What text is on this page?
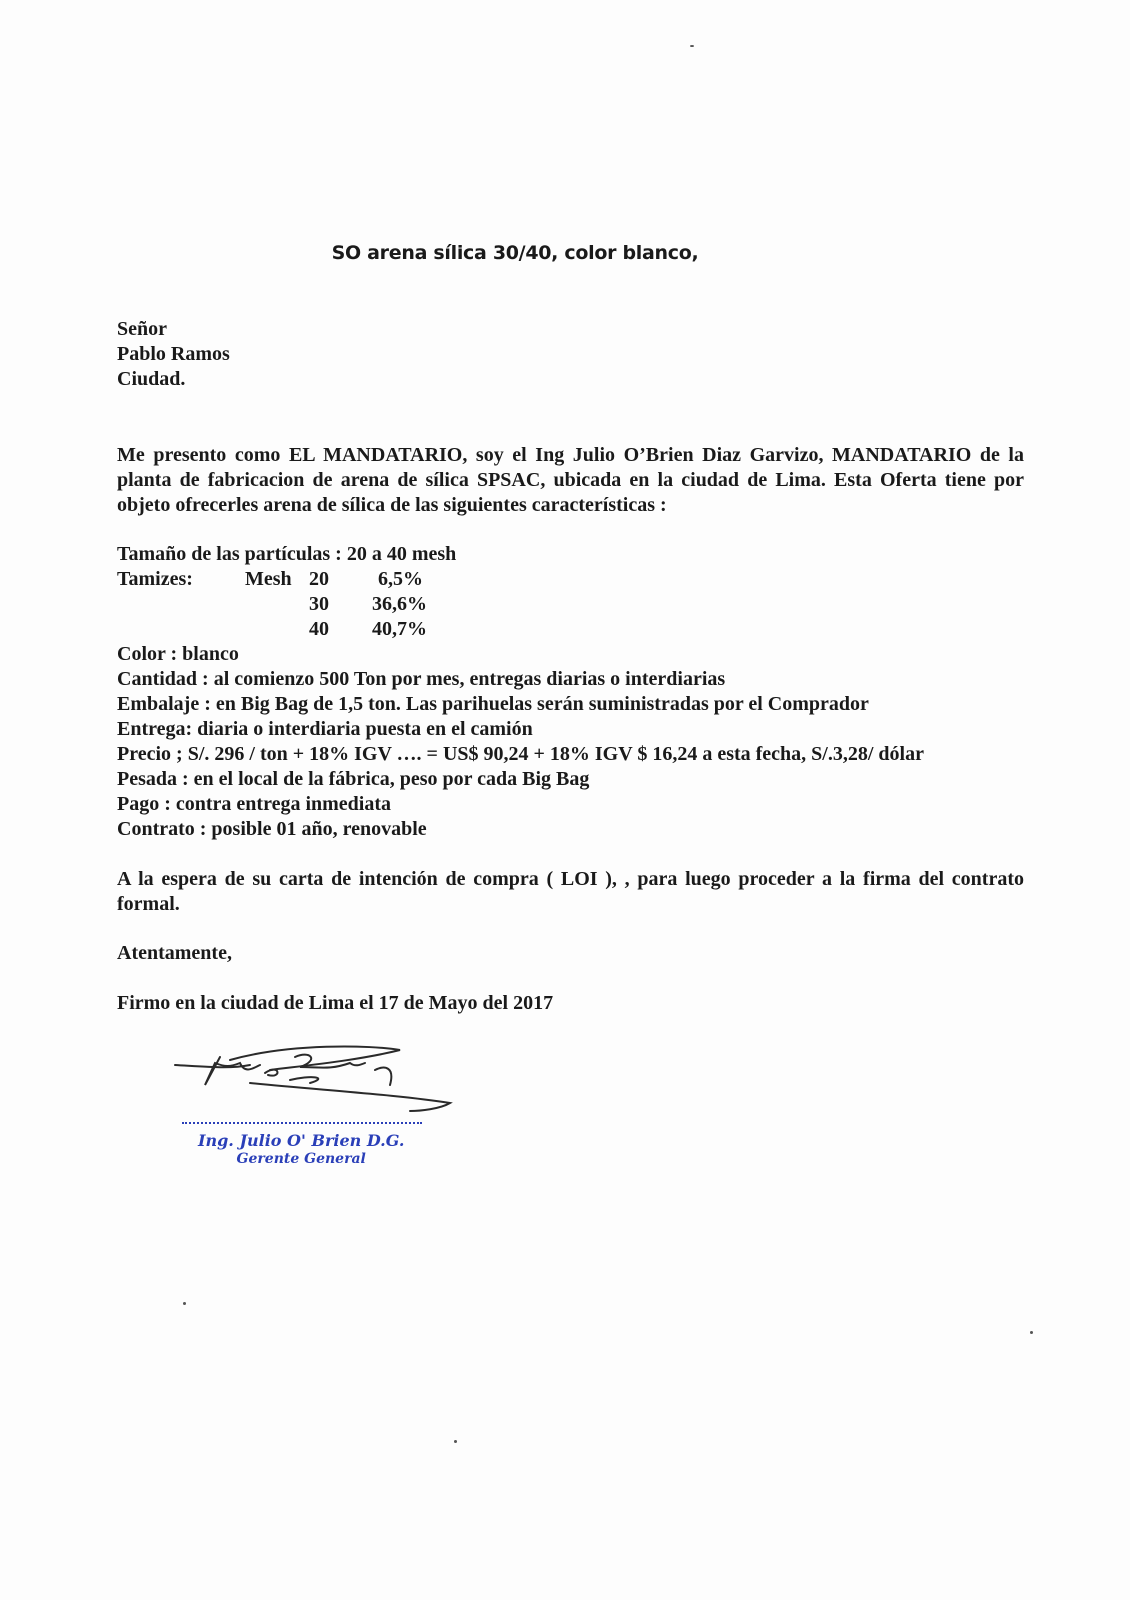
SO arena sílica 30/40, color blanco,
Señor
Pablo Ramos
Ciudad.
Me presento como EL MANDATARIO, soy el Ing Julio O’Brien Diaz Garvizo, MANDATARIO de la planta de fabricacion de arena de sílica SPSAC, ubicada en la ciudad de Lima. Esta Oferta tiene por objeto ofrecerles arena de sílica de las siguientes características :
Tamaño de las partículas : 20 a 40 mesh
Tamizes:	Mesh 20 6,5%
30 36,6%
40 40,7%
Color : blanco
Cantidad : al comienzo 500 Ton por mes, entregas diarias o interdiarias
Embalaje : en Big Bag de 1,5 ton. Las parihuelas serán suministradas por el Comprador
Entrega: diaria o interdiaria puesta en el camión
Precio ; S/. 296 / ton + 18% IGV …. = US$ 90,24 + 18% IGV $ 16,24 a esta fecha, S/.3,28/ dólar
Pesada : en el local de la fábrica, peso por cada Big Bag
Pago : contra entrega inmediata
Contrato : posible 01 año, renovable
A la espera de su carta de intención de compra ( LOI ), , para luego proceder a la firma del contrato formal.
Atentamente,
Firmo en la ciudad de Lima el 17 de Mayo del 2017
Ing. Julio O' Brien D.G.
Gerente General
